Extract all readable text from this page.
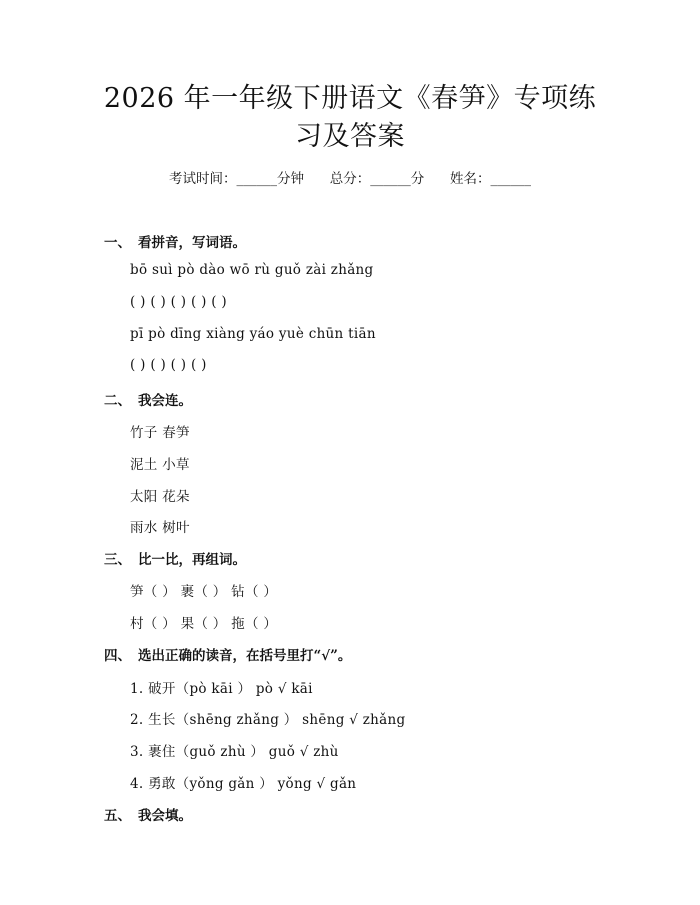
2026 年一年级下册语文《春笋》专项练习及答案
考试时间：______分钟 总分：______分 姓名：______
一、 看拼音，写词语。
bō suì pò dào wō rù guǒ zài zhǎng
( ) ( ) ( ) ( ) ( )
pī pò dīng xiàng yáo yuè chūn tiān
( ) ( ) ( ) ( )
二、 我会连。
竹子 春笋
泥土 小草
太阳 花朵
雨水 树叶
三、 比一比，再组词。
笋（ ） 裹（ ） 钻（ ）
村（ ） 果（ ） 拖（ ）
四、 选出正确的读音，在括号里打“√”。
1. 破开（pò kāi ） pò √ kāi
2. 生长（shēng zhǎng ） shēng √ zhǎng
3. 裹住（guǒ zhù ） guǒ √ zhù
4. 勇敢（yǒng gǎn ） yǒng √ gǎn
五、 我会填。
